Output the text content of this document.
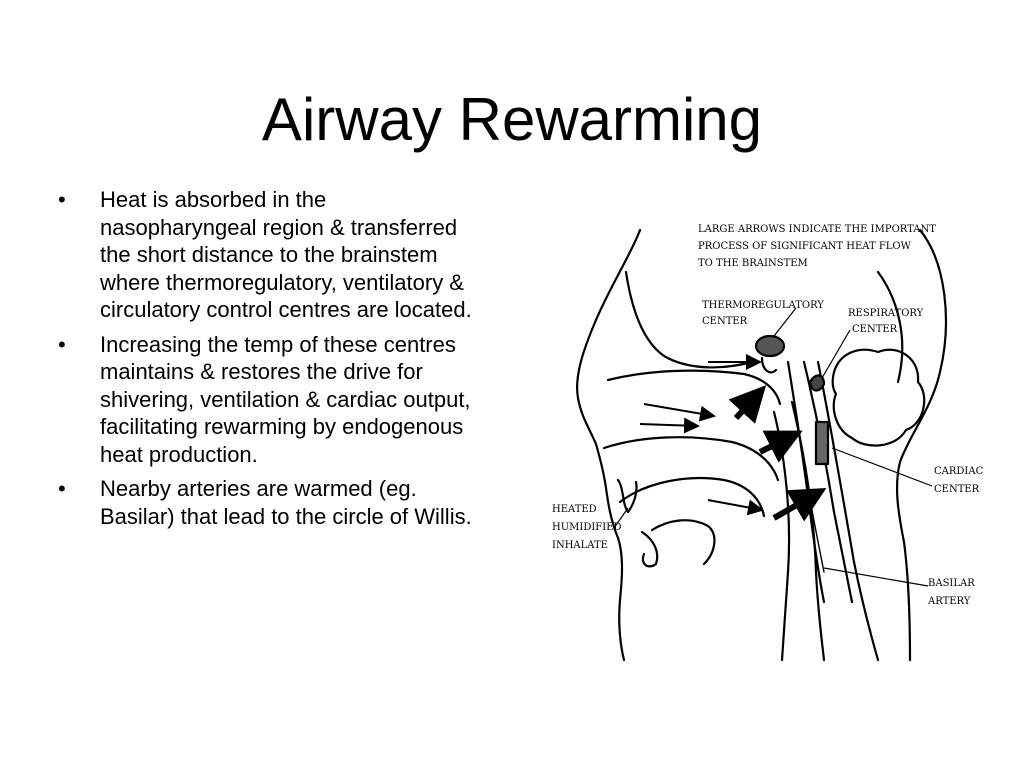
Airway Rewarming
• Heat is absorbed in the nasopharyngeal region & transferred the short distance to the brainstem where thermoregulatory, ventilatory & circulatory control centres are located.
• Increasing the temp of these centres maintains & restores the drive for shivering, ventilation & cardiac output, facilitating rewarming by endogenous heat production.
• Nearby arteries are warmed (eg. Basilar) that lead to the circle of Willis.
LARGE ARROWS INDICATE THE IMPORTANT PROCESS OF SIGNIFICANT HEAT FLOW TO THE BRAINSTEM
THERMOREGULATORY CENTER
RESPIRATORY CENTER
CARDIAC CENTER
BASILAR ARTERY
HEATED HUMIDIFIED INHALATE
